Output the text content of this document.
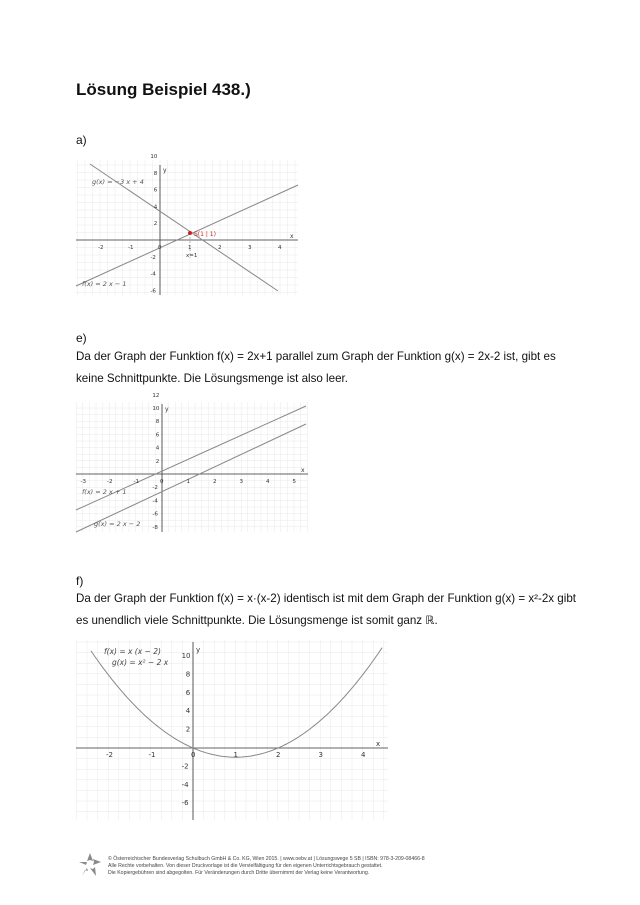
Lösung Beispiel 438.)
a)
S(1 | 1)
x=1
g(x) = −3 x + 4
f(x) = 2 x − 1
x
y
-2	-1	0	1	2	3	4
10
8
6
4
2
-2
-4
-6
e)
Da der Graph der Funktion f(x) = 2x+1 parallel zum Graph der Funktion g(x) = 2x-2 ist, gibt es keine Schnittpunkte. Die Lösungsmenge ist also leer.
f(x) = 2 x + 1
g(x) = 2 x − 2
x
y
-3	-2	-1	0	1	2	3	4	5
12
10
8
6
4
2
-2
-4
-6
-8
f)
Da der Graph der Funktion f(x) = x·(x-2) identisch ist mit dem Graph der Funktion g(x) = x²-2x gibt es unendlich viele Schnittpunkte. Die Lösungsmenge ist somit ganz ℝ.
f(x) = x (x − 2)
g(x) = x² − 2 x
x
y
-2	-1	0	1	2	3	4
10
8
6
4
2
-2
-4
-6
© Österreichischer Bundesverlag Schulbuch GmbH & Co. KG, Wien 2015. | www.oebv.at | Lösungswege 5 SB | ISBN: 978-3-209-08466-8
Alle Rechte vorbehalten. Von dieser Druckvorlage ist die Vervielfältigung für den eigenen Unterrichtsgebrauch gestattet.
Die Kopiergebühren sind abgegolten. Für Veränderungen durch Dritte übernimmt der Verlag keine Verantwortung.
